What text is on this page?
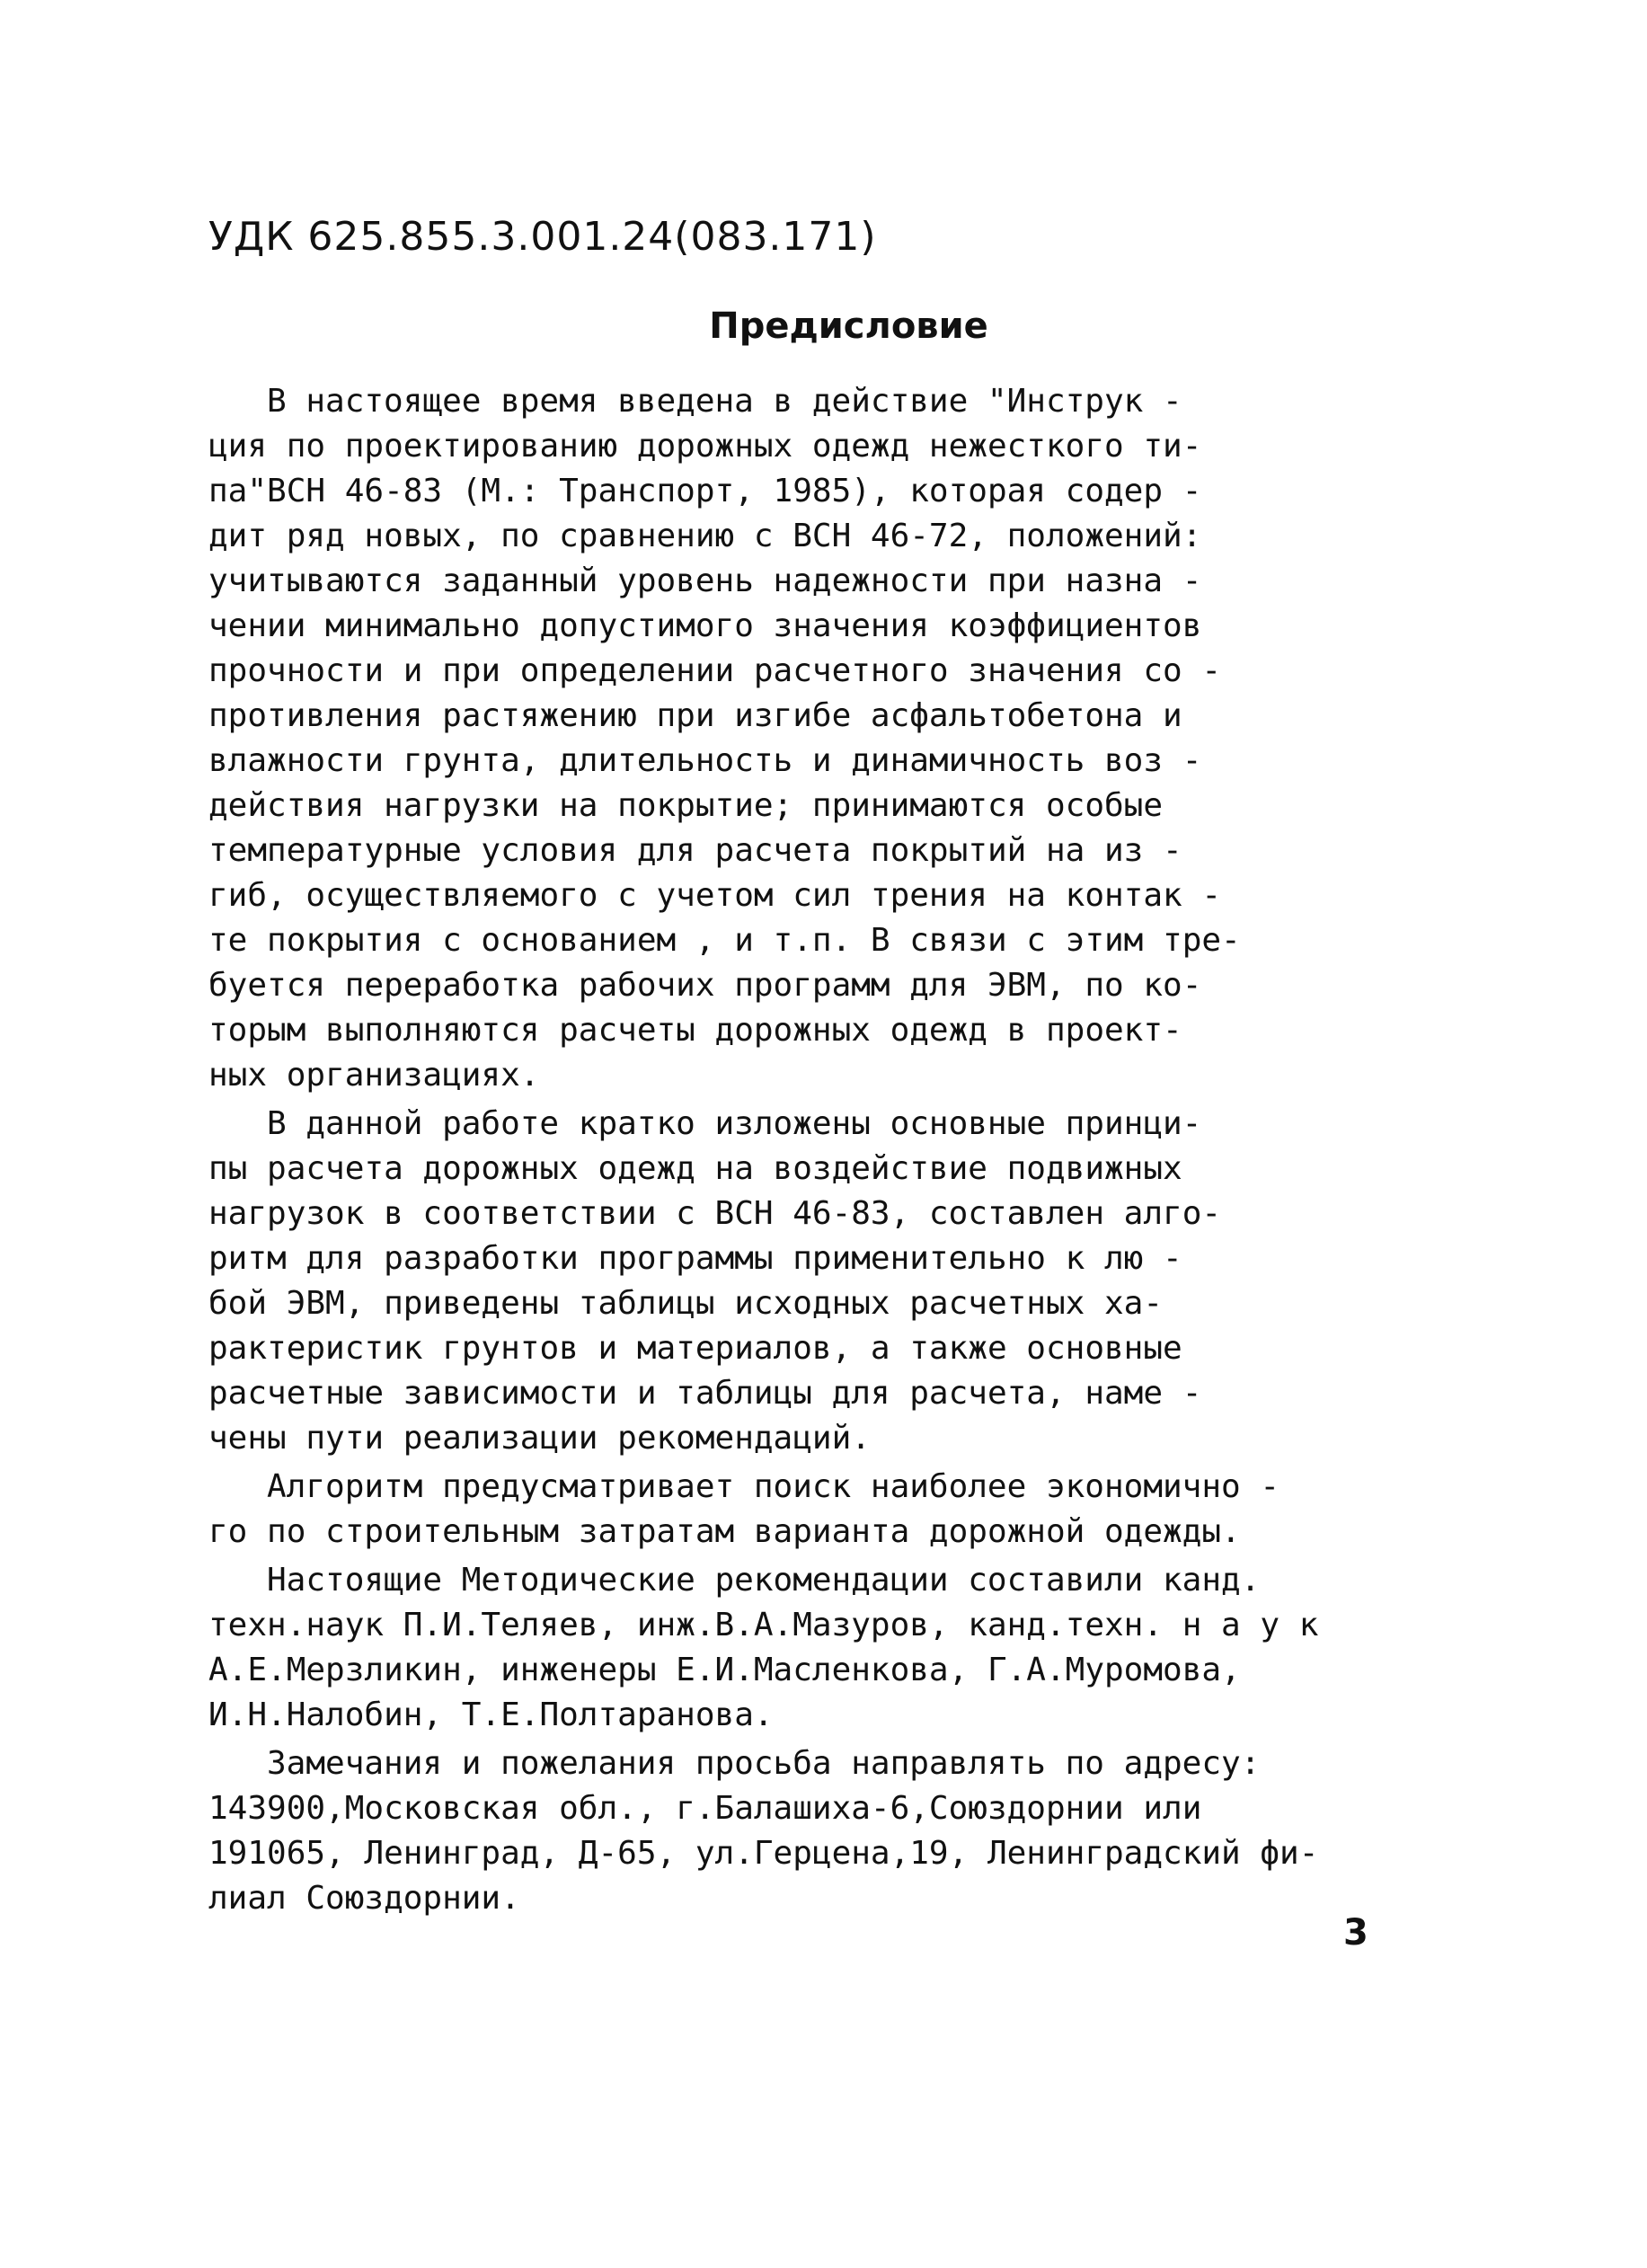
УДК 625.855.3.001.24(083.171)
Предисловие
В настоящее время введена в действие "Инструк -
ция по проектированию дорожных одежд нежесткого ти-
па"ВСН 46-83 (М.: Транспорт, 1985), которая содер -
дит ряд новых, по сравнению с ВСН 46-72, положений:
учитываются заданный уровень надежности при назна -
чении минимально допустимого значения коэффициентов
прочности и при определении расчетного значения со -
противления растяжению при изгибе асфальтобетона и
влажности грунта, длительность и динамичность воз -
действия нагрузки на покрытие; принимаются особые
температурные условия для расчета покрытий на из -
гиб, осуществляемого с учетом сил трения на контак -
те покрытия с основанием , и т.п. В связи с этим тре-
буется переработка рабочих программ для ЭВМ, по ко-
торым выполняются расчеты дорожных одежд в проект-
ных организациях.
В данной работе кратко изложены основные принци-
пы расчета дорожных одежд на воздействие подвижных
нагрузок в соответствии с ВСН 46-83, составлен алго-
ритм для разработки программы применительно к лю -
бой ЭВМ, приведены таблицы исходных расчетных ха-
рактеристик грунтов и материалов, а также основные
расчетные зависимости и таблицы для расчета, наме -
чены пути реализации рекомендаций.
Алгоритм предусматривает поиск наиболее экономично -
го по строительным затратам варианта дорожной одежды.
Настоящие Методические рекомендации составили канд.
техн.наук П.И.Теляев, инж.В.А.Мазуров, канд.техн. н а у к
А.Е.Мерзликин, инженеры Е.И.Масленкова, Г.А.Муромова,
И.Н.Налобин, Т.Е.Полтаранова.
Замечания и пожелания просьба направлять по адресу:
143900,Московская обл., г.Балашиха-6,Союздорнии или
191065, Ленинград, Д-65, ул.Герцена,19, Ленинградский фи-
лиал Союздорнии.
3
